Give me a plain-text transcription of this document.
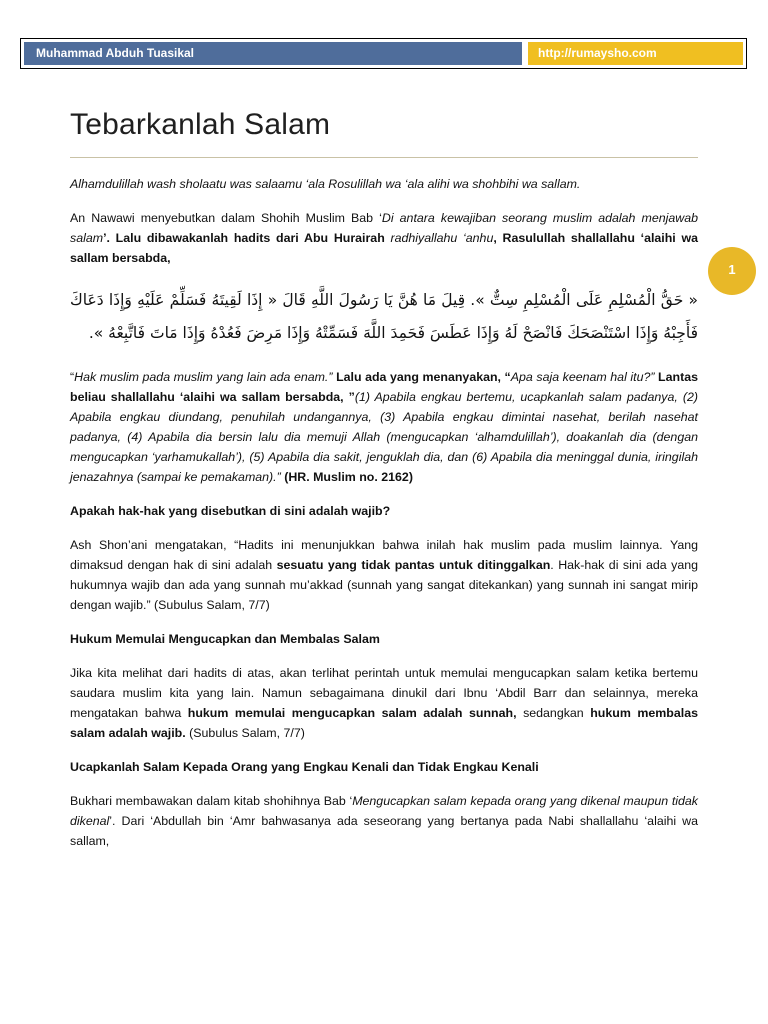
Muhammad Abduh Tuasikal	http://rumaysho.com
Tebarkanlah Salam
1

Alhamdulillah wash sholaatu was salaamu ‘ala Rosulillah wa ‘ala alihi wa shohbihi wa sallam.

An Nawawi menyebutkan dalam Shohih Muslim Bab ‘Di antara kewajiban seorang muslim adalah menjawab salam’. Lalu dibawakanlah hadits dari Abu Hurairah radhiyallahu ‘anhu, Rasulullah shallallahu ‘alaihi wa sallam bersabda,

« حَقُّ الْمُسْلِمِ عَلَى الْمُسْلِمِ سِتٌّ ». قِيلَ مَا هُنَّ يَا رَسُولَ اللَّهِ قَالَ « إِذَا لَقِيتَهُ فَسَلِّمْ عَلَيْهِ وَإِذَا دَعَاكَ فَأَجِبْهُ وَإِذَا اسْتَنْصَحَكَ فَانْصَحْ لَهُ وَإِذَا عَطَسَ فَحَمِدَ اللَّهَ فَسَمِّتْهُ وَإِذَا مَرِضَ فَعُدْهُ وَإِذَا مَاتَ فَاتَّبِعْهُ ».

“Hak muslim pada muslim yang lain ada enam.” Lalu ada yang menanyakan, “Apa saja keenam hal itu?” Lantas beliau shallallahu ‘alaihi wa sallam bersabda, ”(1) Apabila engkau bertemu, ucapkanlah salam padanya, (2) Apabila engkau diundang, penuhilah undangannya, (3) Apabila engkau dimintai nasehat, berilah nasehat padanya, (4) Apabila dia bersin lalu dia memuji Allah (mengucapkan ‘alhamdulillah’), doakanlah dia (dengan mengucapkan ‘yarhamukallah’), (5) Apabila dia sakit, jenguklah dia, dan (6) Apabila dia meninggal dunia, iringilah jenazahnya (sampai ke pemakaman).” (HR. Muslim no. 2162)

Apakah hak-hak yang disebutkan di sini adalah wajib?

Ash Shon’ani mengatakan, “Hadits ini menunjukkan bahwa inilah hak muslim pada muslim lainnya. Yang dimaksud dengan hak di sini adalah sesuatu yang tidak pantas untuk ditinggalkan. Hak-hak di sini ada yang hukumnya wajib dan ada yang sunnah mu’akkad (sunnah yang sangat ditekankan) yang sunnah ini sangat mirip dengan wajib.” (Subulus Salam, 7/7)

Hukum Memulai Mengucapkan dan Membalas Salam

Jika kita melihat dari hadits di atas, akan terlihat perintah untuk memulai mengucapkan salam ketika bertemu saudara muslim kita yang lain. Namun sebagaimana dinukil dari Ibnu ‘Abdil Barr dan selainnya, mereka mengatakan bahwa hukum memulai mengucapkan salam adalah sunnah, sedangkan hukum membalas salam adalah wajib. (Subulus Salam, 7/7)

Ucapkanlah Salam Kepada Orang yang Engkau Kenali dan Tidak Engkau Kenali

Bukhari membawakan dalam kitab shohihnya Bab ‘Mengucapkan salam kepada orang yang dikenal maupun tidak dikenal’. Dari ‘Abdullah bin ‘Amr bahwasanya ada seseorang yang bertanya pada Nabi shallallahu ‘alaihi wa sallam,
